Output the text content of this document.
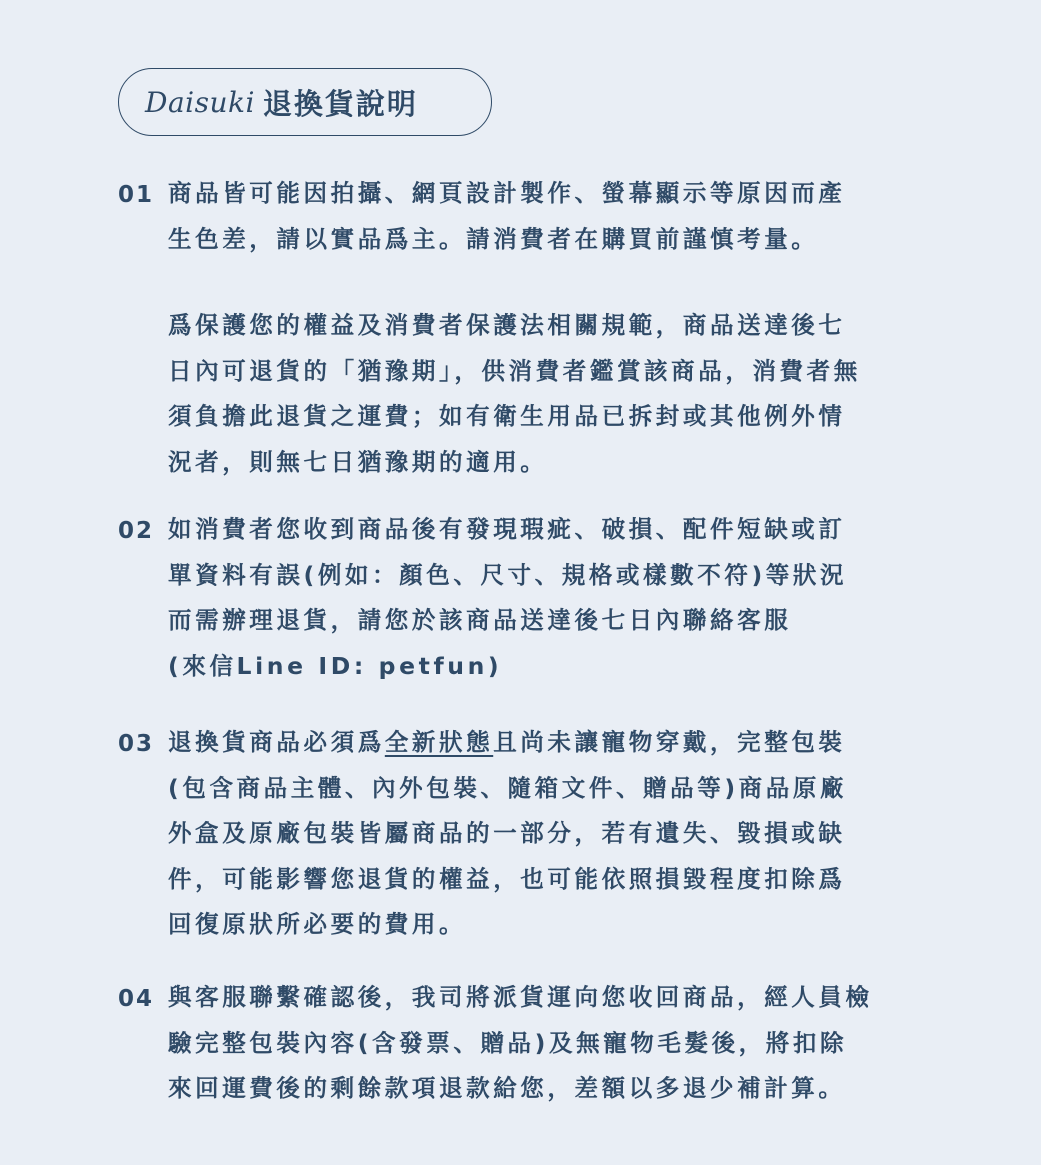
Daisuki 退換貨說明
01 商品皆可能因拍攝、網頁設計製作、螢幕顯示等原因而產
生色差，請以實品爲主。請消費者在購買前謹慎考量。
爲保護您的權益及消費者保護法相關規範，商品送達後七
日內可退貨的「猶豫期」，供消費者鑑賞該商品，消費者無
須負擔此退貨之運費；如有衛生用品已拆封或其他例外情
況者，則無七日猶豫期的適用。
02 如消費者您收到商品後有發現瑕疵、破損、配件短缺或訂
單資料有誤(例如：顏色、尺寸、規格或樣數不符)等狀況
而需辦理退貨，請您於該商品送達後七日內聯絡客服
(來信Line ID: petfun)
03 退換貨商品必須爲全新狀態且尚未讓寵物穿戴，完整包裝
(包含商品主體、內外包裝、隨箱文件、贈品等)商品原廠
外盒及原廠包裝皆屬商品的一部分，若有遺失、毀損或缺
件，可能影響您退貨的權益，也可能依照損毀程度扣除爲
回復原狀所必要的費用。
04 與客服聯繫確認後，我司將派貨運向您收回商品，經人員檢
驗完整包裝內容(含發票、贈品)及無寵物毛髮後，將扣除
來回運費後的剩餘款項退款給您，差額以多退少補計算。
